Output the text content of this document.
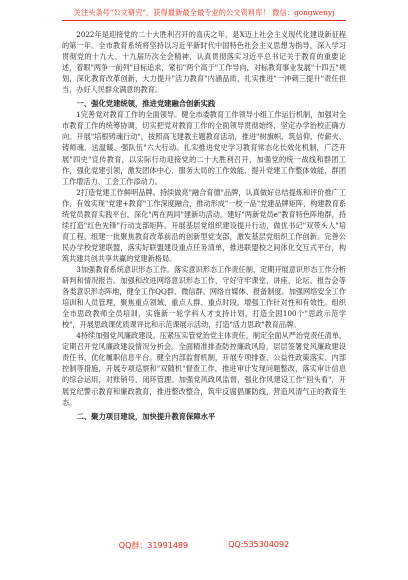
关注头条号"公文研究"，获得最新最全最专业的公文资料库！ 微信：gongwenyj

2022年是迎接党的二十大胜利召开的喜庆之年，是Ⅹ迈上社会主义现代化建设新征程的第一年。全市教育系统将坚持以习近平新时代中国特色社会主义思想为指导，深入学习贯彻党的十九大、十九届历次全会精神，认真贯彻落实习近平总书记关于教育的重要论述，着眼"两争一前列"目标追求，紧扣"两个高于"工作导向，对标教育事业发展"十四五"规划，深化教育改革创新，大力提升"活力教育"内涵品质，扎实推进"一冲刺三提升"责任担当，办好人民群众满意的教育。

一、强化党建统领，推进党建融合创新实践

1完善党对教育工作的全面领导。健全市委教育工作领导小组工作运行机制，加强对全市教育工作的统筹协调，切实把党对教育工作的全面领导贯彻始终，坚定办学治校正确方向。开展"培根铸魂行动"，按照高飞建教主题教育活动，推进"树旗帜、筑信仰、传薪火、铸师魂、送温暖、强队伍"六大行动。扎实推进党史学习教育常态化长效化机制，广泛开展"四史"宣传教育，以实际行动迎接党的二十大胜利召开，加强党的统一战线和群团工作，强化党建引领，激发团体中心、服务大局的工作效能，提升党建工作整体效能，群团工作增活力、工会工作添动力。

2打造党建工作鲜明品牌。持续做亮"融合育德"品牌，认真做好总结提炼和评价推广工作，有效实现"党建+教育"工作深度融合，推动形成"一校一品"党建品牌矩阵，构建教育系统党员教育实践平台。深化"两在两同"建新功活动，建好"两新党员e"教育特色阵地群，持续打造"红色先锋"行动支部矩阵。开展基层党组织建设提升行动，做优书记"双带头人"培育工程，组建一批聚焦教育改革前沿的创新型党支部，激发基层党组织工作创新。完善公民办学校党建联盟，落实好联盟建设重点任务清单，推进联盟校之间体化交互式平台，构筑共建共创共享共赢的党建新格局。

3加强教育系统意识形态工作。落实意识形态工作责任制，定期开展意识形态工作分析研判和情况报告。加强和改进网络意识形态工作，守好守牢课堂、讲座、论坛、报告会等各类意识形态阵地，健全工作QQ群、微信群、网络自媒体、报备制度。加强网络安全工作培训和人员管理，聚焦重点领域、重点人群、重点时段，增强工作针对性和有效性。组织全市思政教师全员培训，实施新一轮学科人才支持计划，打造全国100个"思政示范学校"，开展思政课优质课评比和示范课展示活动，打造"活力思政"教育品牌。

4持续加强党风廉政建设。压紧压实管党治党主体责任，制定全面从严治党责任清单，定期召开党风廉政建设情况分析会。全面精准排查防控廉政风险，层层签署党风廉政建设责任书，优化履职信息平台。健全内部监督机制，开展专项排查、公益性政策落实、内部控制等措施，开展专项巡察和"双随机"督查工作，推进审计发现问题整改，落实审计信息的综合运用，对账销号、闭环管理。加强党风政风监督，强化作风建设工作"回头看"，开展党纪警示教育和廉政教育，推进整改整合，筑牢反腐倡廉防线，营造风清气正的教育生态。

二、聚力项目建设，加快提升教育保障水平
QQ群：31991489	QQ:535304092
